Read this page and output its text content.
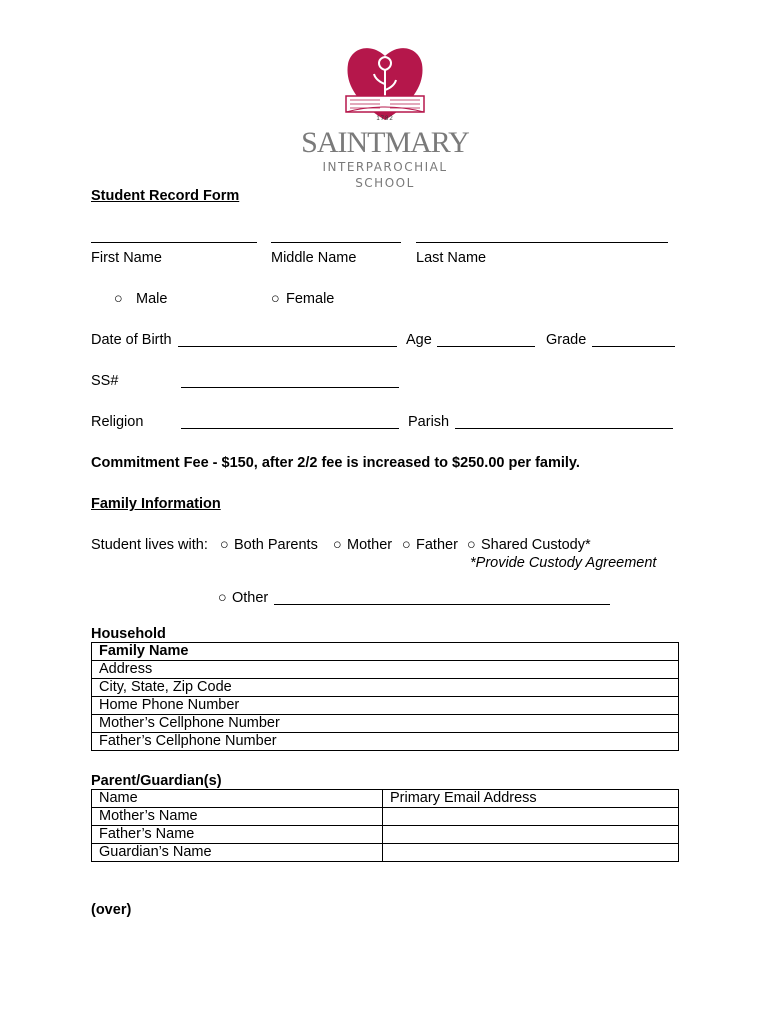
1782
SAINTMARY
INTERPAROCHIAL
SCHOOL
Student Record Form
First Name	Middle Name	Last Name
○ Male	○ Female
Date of Birth	Age	Grade
SS#
Religion	Parish
Commitment Fee - $150, after 2/2 fee is increased to $250.00 per family.
Family Information
Student lives with: ○ Both Parents ○ Mother ○ Father ○ Shared Custody*
*Provide Custody Agreement
○ Other
Household
Family Name
Address
City, State, Zip Code
Home Phone Number
Mother’s Cellphone Number
Father’s Cellphone Number
Parent/Guardian(s)
Name	Primary Email Address
Mother’s Name	
Father’s Name	
Guardian’s Name	
(over)
